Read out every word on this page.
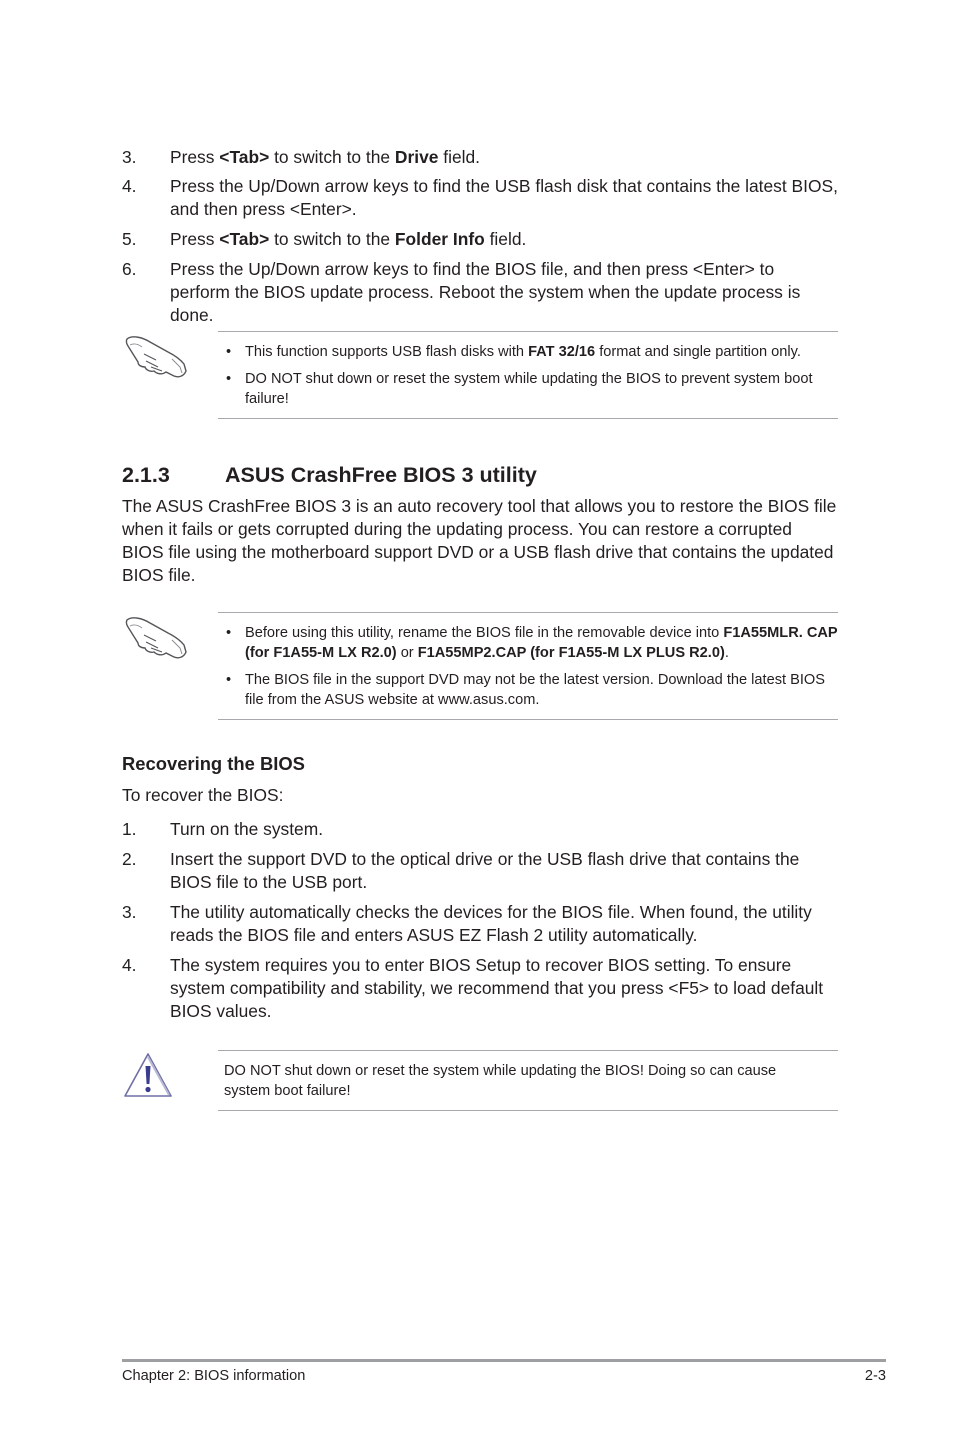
3. Press <Tab> to switch to the Drive field.
4. Press the Up/Down arrow keys to find the USB flash disk that contains the latest BIOS, and then press <Enter>.
5. Press <Tab> to switch to the Folder Info field.
6. Press the Up/Down arrow keys to find the BIOS file, and then press <Enter> to perform the BIOS update process. Reboot the system when the update process is done.
• This function supports USB flash disks with FAT 32/16 format and single partition only.
• DO NOT shut down or reset the system while updating the BIOS to prevent system boot failure!
2.1.3	ASUS CrashFree BIOS 3 utility
The ASUS CrashFree BIOS 3 is an auto recovery tool that allows you to restore the BIOS file when it fails or gets corrupted during the updating process. You can restore a corrupted BIOS file using the motherboard support DVD or a USB flash drive that contains the updated BIOS file.
• Before using this utility, rename the BIOS file in the removable device into F1A55MLR. CAP (for F1A55-M LX R2.0) or F1A55MP2.CAP (for F1A55-M LX PLUS R2.0).
• The BIOS file in the support DVD may not be the latest version. Download the latest BIOS file from the ASUS website at www.asus.com.
Recovering the BIOS
To recover the BIOS:
1. Turn on the system.
2. Insert the support DVD to the optical drive or the USB flash drive that contains the BIOS file to the USB port.
3. The utility automatically checks the devices for the BIOS file. When found, the utility reads the BIOS file and enters ASUS EZ Flash 2 utility automatically.
4. The system requires you to enter BIOS Setup to recover BIOS setting. To ensure system compatibility and stability, we recommend that you press <F5> to load default BIOS values.
DO NOT shut down or reset the system while updating the BIOS! Doing so can cause system boot failure!
Chapter 2: BIOS information	2-3
